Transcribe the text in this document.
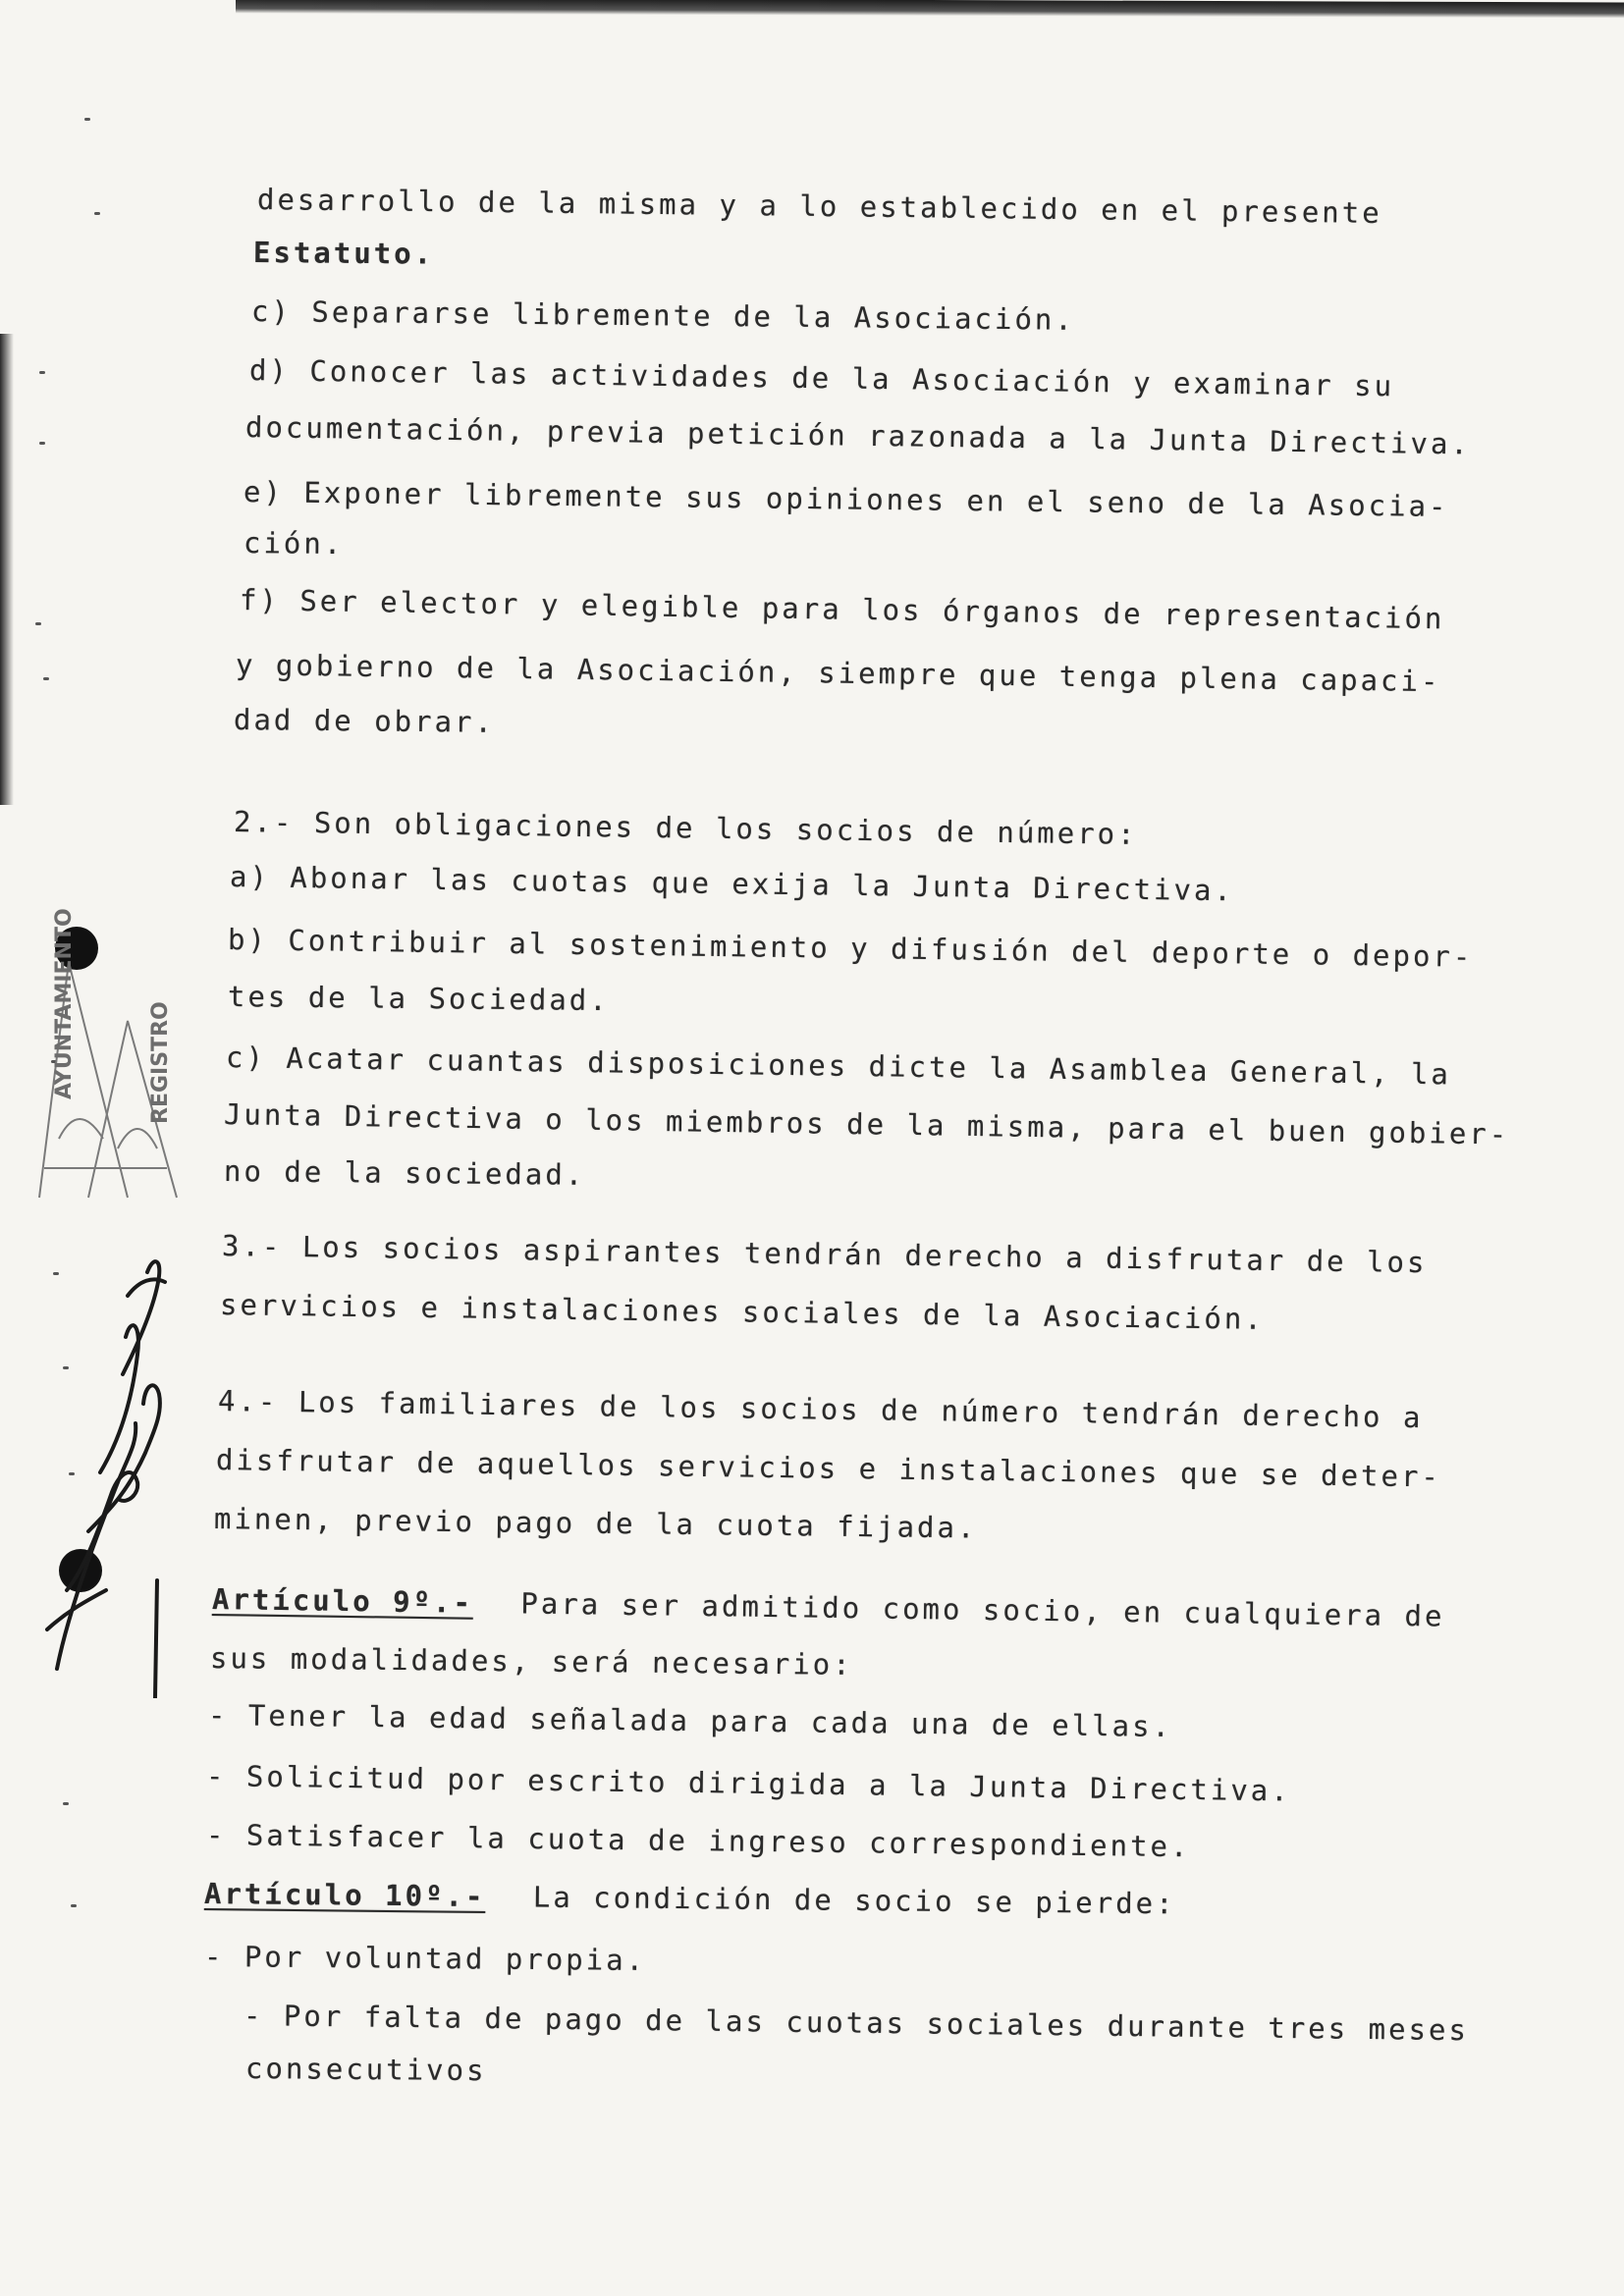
AYUNTAMIENTO	REGISTRO
desarrollo de la misma y a lo establecido en el presente
Estatuto.
c) Separarse libremente de la Asociación.
d) Conocer las actividades de la Asociación y examinar su
documentación, previa petición razonada a la Junta Directiva.
e) Exponer libremente sus opiniones en el seno de la Asocia-
ción.
f) Ser elector y elegible para los órganos de representación
y gobierno de la Asociación, siempre que tenga plena capaci-
dad de obrar.
2.- Son obligaciones de los socios de número:
a) Abonar las cuotas que exija la Junta Directiva.
b) Contribuir al sostenimiento y difusión del deporte o depor-
tes de la Sociedad.
c) Acatar cuantas disposiciones dicte la Asamblea General, la
Junta Directiva o los miembros de la misma, para el buen gobier-
no de la sociedad.
3.- Los socios aspirantes tendrán derecho a disfrutar de los
servicios e instalaciones sociales de la Asociación.
4.- Los familiares de los socios de número tendrán derecho a
disfrutar de aquellos servicios e instalaciones que se deter-
minen, previo pago de la cuota fijada.
Artículo 9º.- Para ser admitido como socio, en cualquiera de
sus modalidades, será necesario:
- Tener la edad señalada para cada una de ellas.
- Solicitud por escrito dirigida a la Junta Directiva.
- Satisfacer la cuota de ingreso correspondiente.
Artículo 10º.- La condición de socio se pierde:
- Por voluntad propia.
- Por falta de pago de las cuotas sociales durante tres meses
consecutivos
